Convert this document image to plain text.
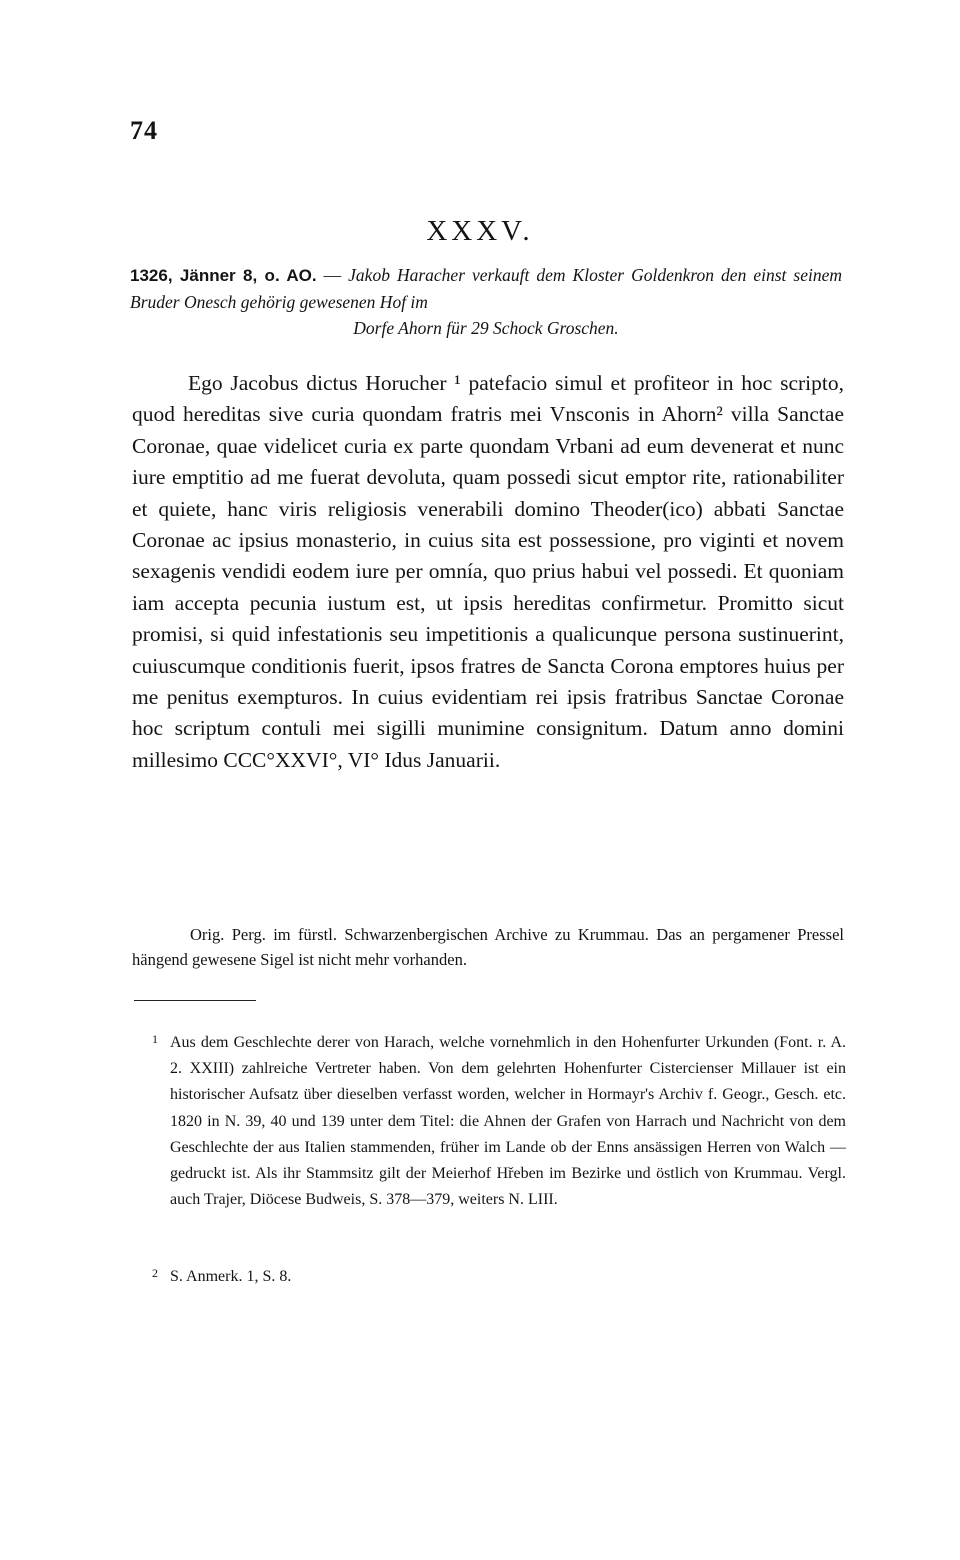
74
XXXV.
1326, Jänner 8, o. AO. — Jakob Haracher verkauft dem Kloster Goldenkron den einst seinem Bruder Onesch gehörig gewesenen Hof im
Dorfe Ahorn für 29 Schock Groschen.

Ego Jacobus dictus Horucher ¹ patefacio simul et profiteor in hoc scripto, quod hereditas sive curia quondam fratris mei Vnsconis in Ahorn² villa Sanctae Coronae, quae videlicet curia ex parte quondam Vrbani ad eum devenerat et nunc iure emptitio ad me fuerat devoluta, quam possedi sicut emptor rite, rationabiliter et quiete, hanc viris religiosis venerabili domino Theoder(ico) abbati Sanctae Coronae ac ipsius monasterio, in cuius sita est possessione, pro viginti et novem sexagenis vendidi eodem iure per omnía, quo prius habui vel possedi. Et quoniam iam accepta pecunia iustum est, ut ipsis hereditas confirmetur. Promitto sicut promisi, si quid infestationis seu impetitionis a qualicunque persona sustinuerint, cuiuscumque conditionis fuerit, ipsos fratres de Sancta Corona emptores huius per me penitus exempturos. In cuius evidentiam rei ipsis fratribus Sanctae Coronae hoc scriptum contuli mei sigilli munimine consignitum. Datum anno domini millesimo CCC°XXVI°, VI° Idus Januarii.

Orig. Perg. im fürstl. Schwarzenbergischen Archive zu Krummau. Das an pergamener Pressel hängend gewesene Sigel ist nicht mehr vorhanden.

1 Aus dem Geschlechte derer von Harach, welche vornehmlich in den Hohenfurter Urkunden (Font. r. A. 2. XXIII) zahlreiche Vertreter haben. Von dem gelehrten Hohenfurter Cistercienser Millauer ist ein historischer Aufsatz über dieselben verfasst worden, welcher in Hormayr's Archiv f. Geogr., Gesch. etc. 1820 in N. 39, 40 und 139 unter dem Titel: die Ahnen der Grafen von Harrach und Nachricht von dem Geschlechte der aus Italien stammenden, früher im Lande ob der Enns ansässigen Herren von Walch — gedruckt ist. Als ihr Stammsitz gilt der Meierhof Hřeben im Bezirke und östlich von Krummau. Vergl. auch Trajer, Diöcese Budweis, S. 378—379, weiters N. LIII.

2 S. Anmerk. 1, S. 8.
